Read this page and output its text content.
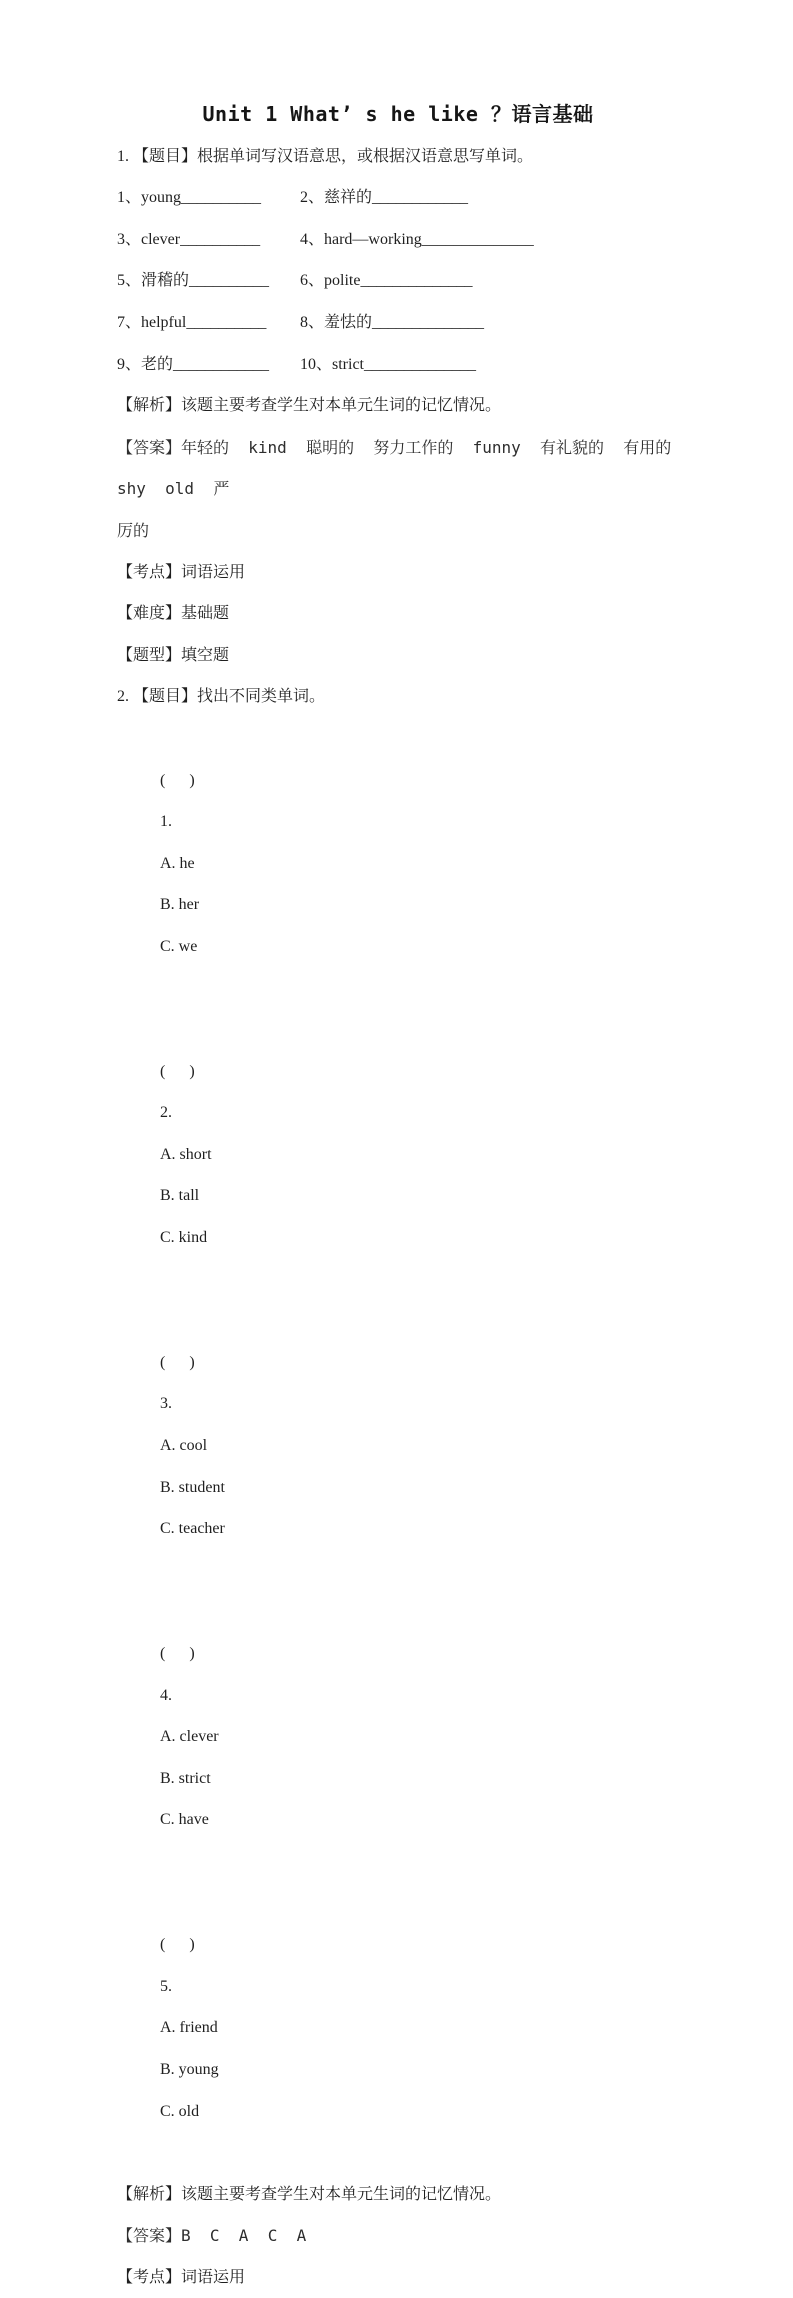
Unit 1 What’ s he like ？语言基础
1. 【题目】根据单词写汉语意思，或根据汉语意思写单词。
1、young__________	2、慈祥的____________
3、clever__________	4、hard—working______________
5、滑稽的__________	6、polite______________
7、helpful__________	8、羞怯的______________
9、老的____________	10、strict______________
【解析】该题主要考查学生对本单元生词的记忆情况。
【答案】年轻的  kind  聪明的  努力工作的  funny  有礼貌的  有用的  shy  old  严
厉的
【考点】词语运用
【难度】基础题
【题型】填空题
2. 【题目】找出不同类单词。

(      )
1.
A. he
B. her
C. we

(      )
2.
A. short
B. tall
C. kind

(      )
3.
A. cool
B. student
C. teacher

(      )
4.
A. clever
B. strict
C. have

(      )
5.
A. friend
B. young
C. old

【解析】该题主要考查学生对本单元生词的记忆情况。
【答案】B  C  A  C  A
【考点】词语运用
